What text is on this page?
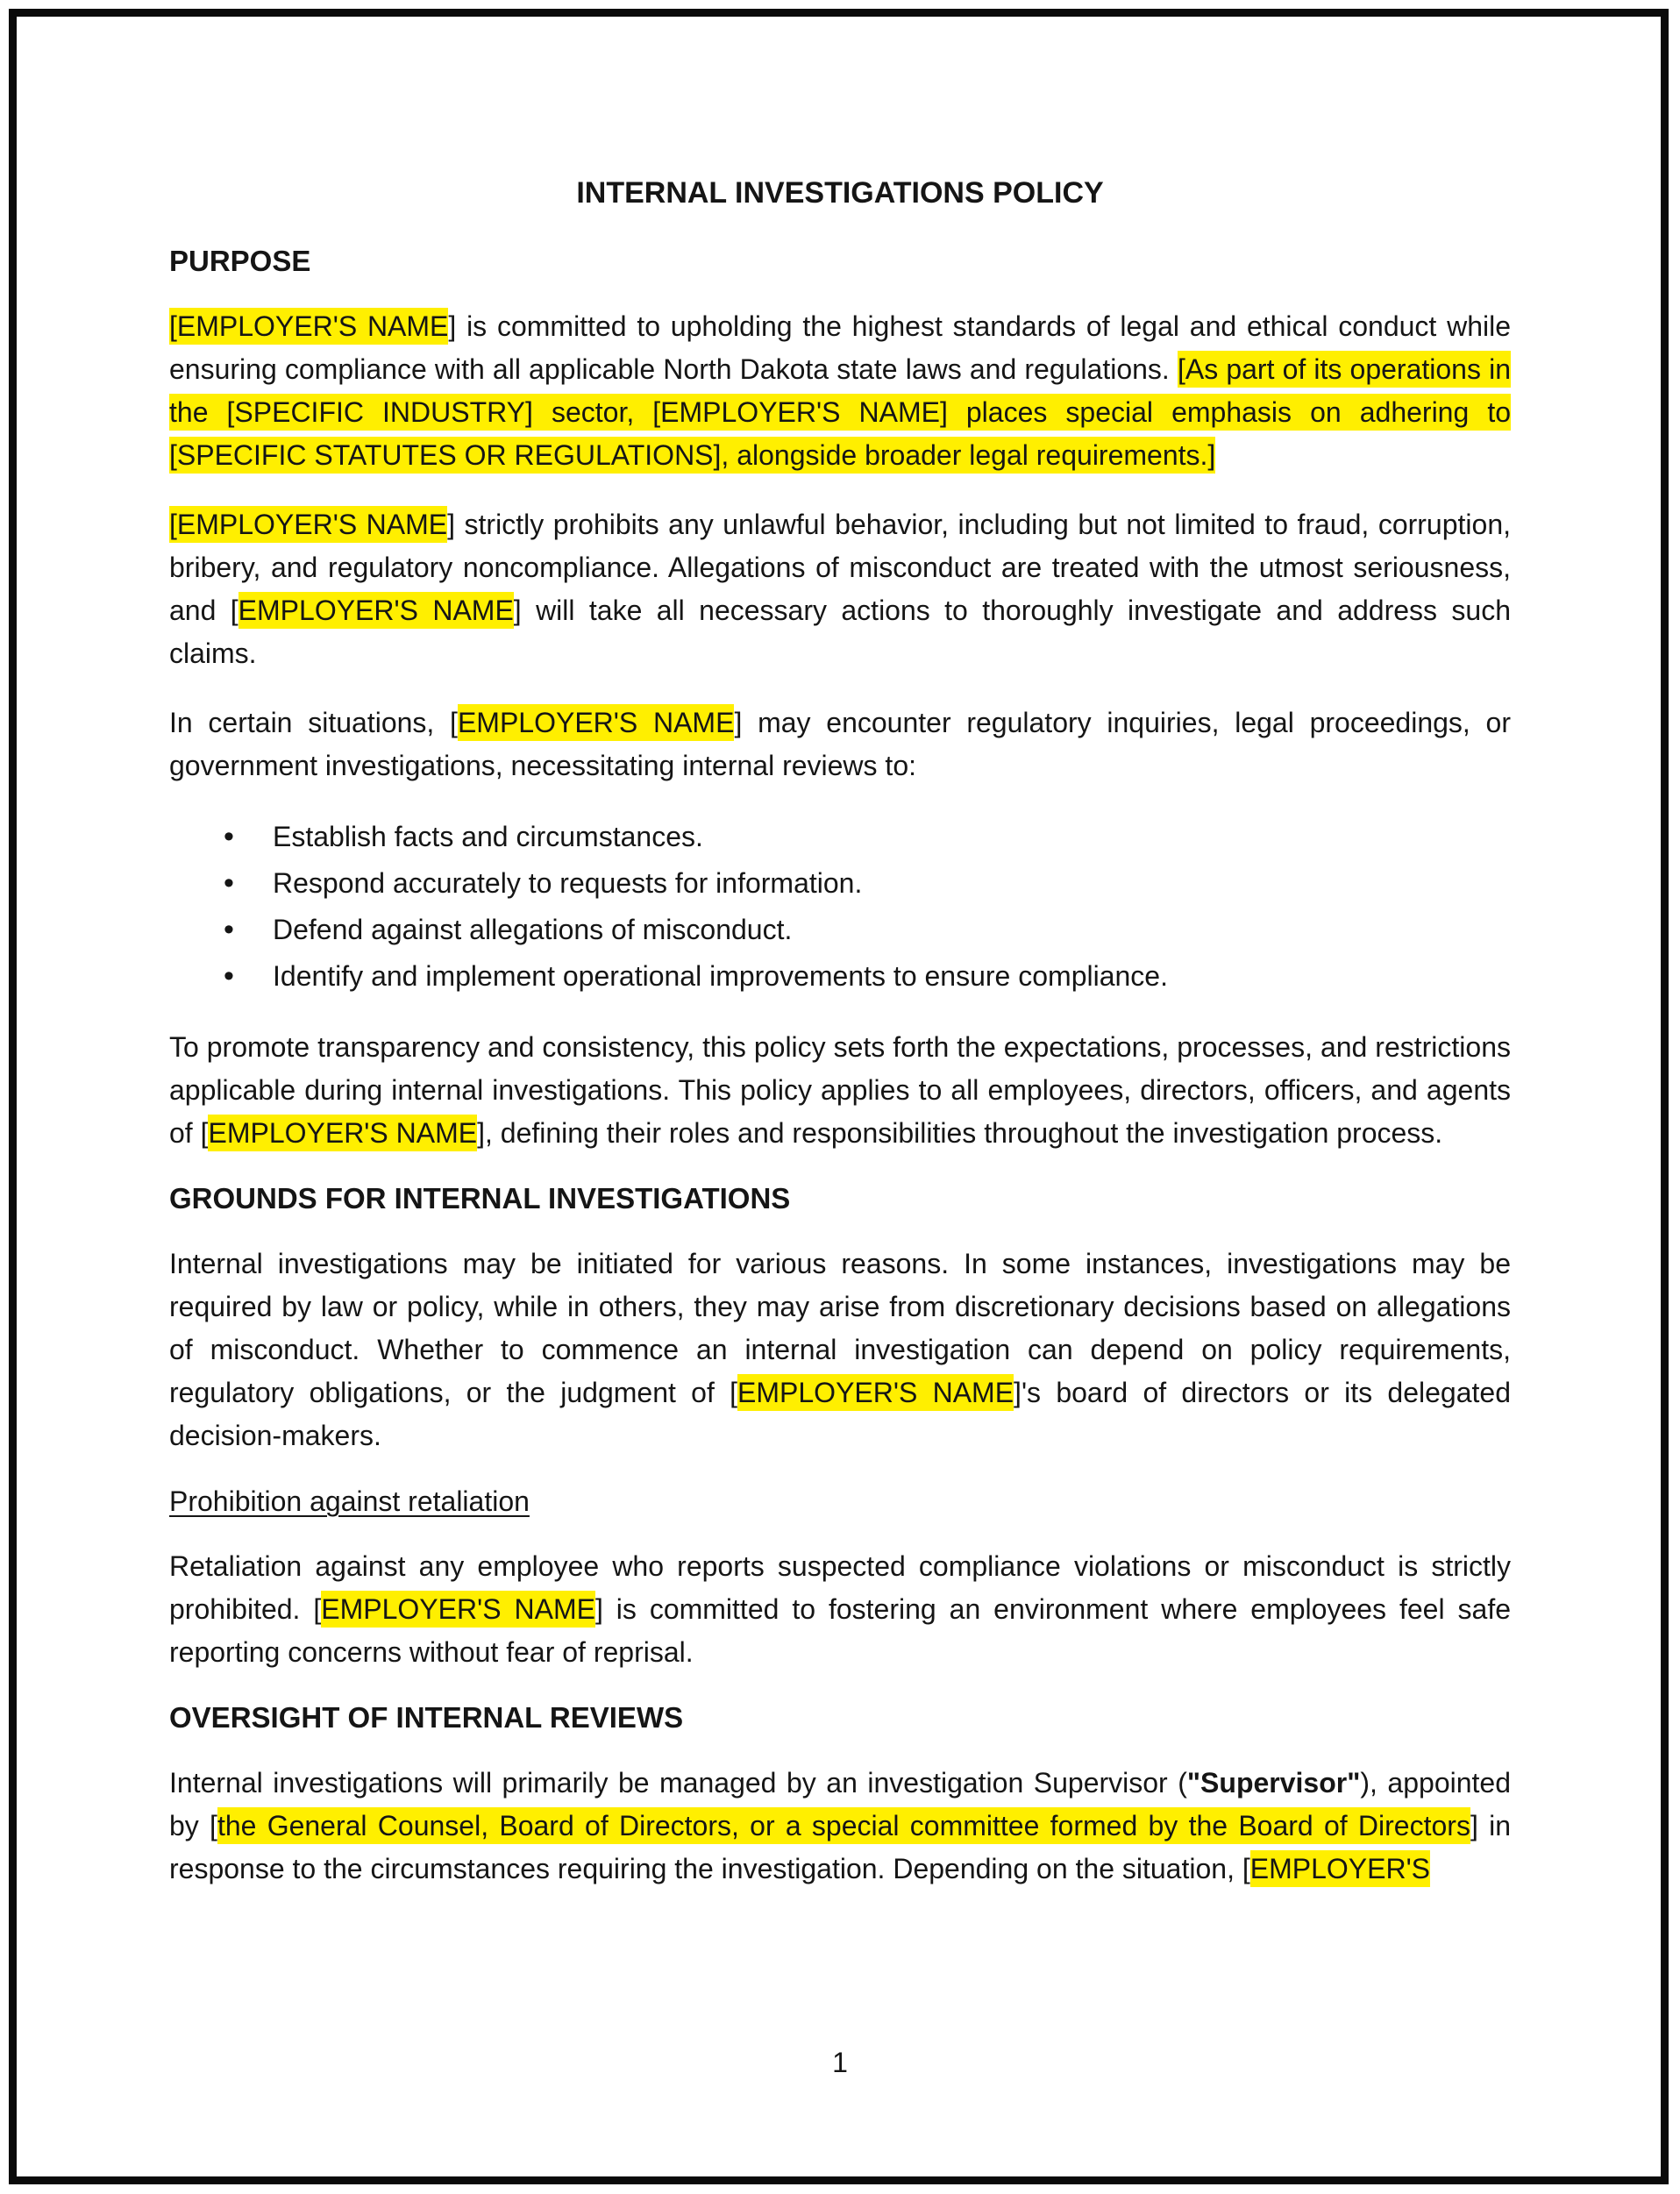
INTERNAL INVESTIGATIONS POLICY
PURPOSE

[EMPLOYER'S NAME] is committed to upholding the highest standards of legal and ethical conduct while ensuring compliance with all applicable North Dakota state laws and regulations. [As part of its operations in the [SPECIFIC INDUSTRY] sector, [EMPLOYER'S NAME] places special emphasis on adhering to [SPECIFIC STATUTES OR REGULATIONS], alongside broader legal requirements.]

[EMPLOYER'S NAME] strictly prohibits any unlawful behavior, including but not limited to fraud, corruption, bribery, and regulatory noncompliance. Allegations of misconduct are treated with the utmost seriousness, and [EMPLOYER'S NAME] will take all necessary actions to thoroughly investigate and address such claims.

In certain situations, [EMPLOYER'S NAME] may encounter regulatory inquiries, legal proceedings, or government investigations, necessitating internal reviews to:

• Establish facts and circumstances.
• Respond accurately to requests for information.
• Defend against allegations of misconduct.
• Identify and implement operational improvements to ensure compliance.

To promote transparency and consistency, this policy sets forth the expectations, processes, and restrictions applicable during internal investigations. This policy applies to all employees, directors, officers, and agents of [EMPLOYER'S NAME], defining their roles and responsibilities throughout the investigation process.

GROUNDS FOR INTERNAL INVESTIGATIONS

Internal investigations may be initiated for various reasons. In some instances, investigations may be required by law or policy, while in others, they may arise from discretionary decisions based on allegations of misconduct. Whether to commence an internal investigation can depend on policy requirements, regulatory obligations, or the judgment of [EMPLOYER'S NAME]'s board of directors or its delegated decision-makers.

Prohibition against retaliation

Retaliation against any employee who reports suspected compliance violations or misconduct is strictly prohibited. [EMPLOYER'S NAME] is committed to fostering an environment where employees feel safe reporting concerns without fear of reprisal.

OVERSIGHT OF INTERNAL REVIEWS

Internal investigations will primarily be managed by an investigation Supervisor ("Supervisor"), appointed by [the General Counsel, Board of Directors, or a special committee formed by the Board of Directors] in response to the circumstances requiring the investigation. Depending on the situation, [EMPLOYER'S

1
